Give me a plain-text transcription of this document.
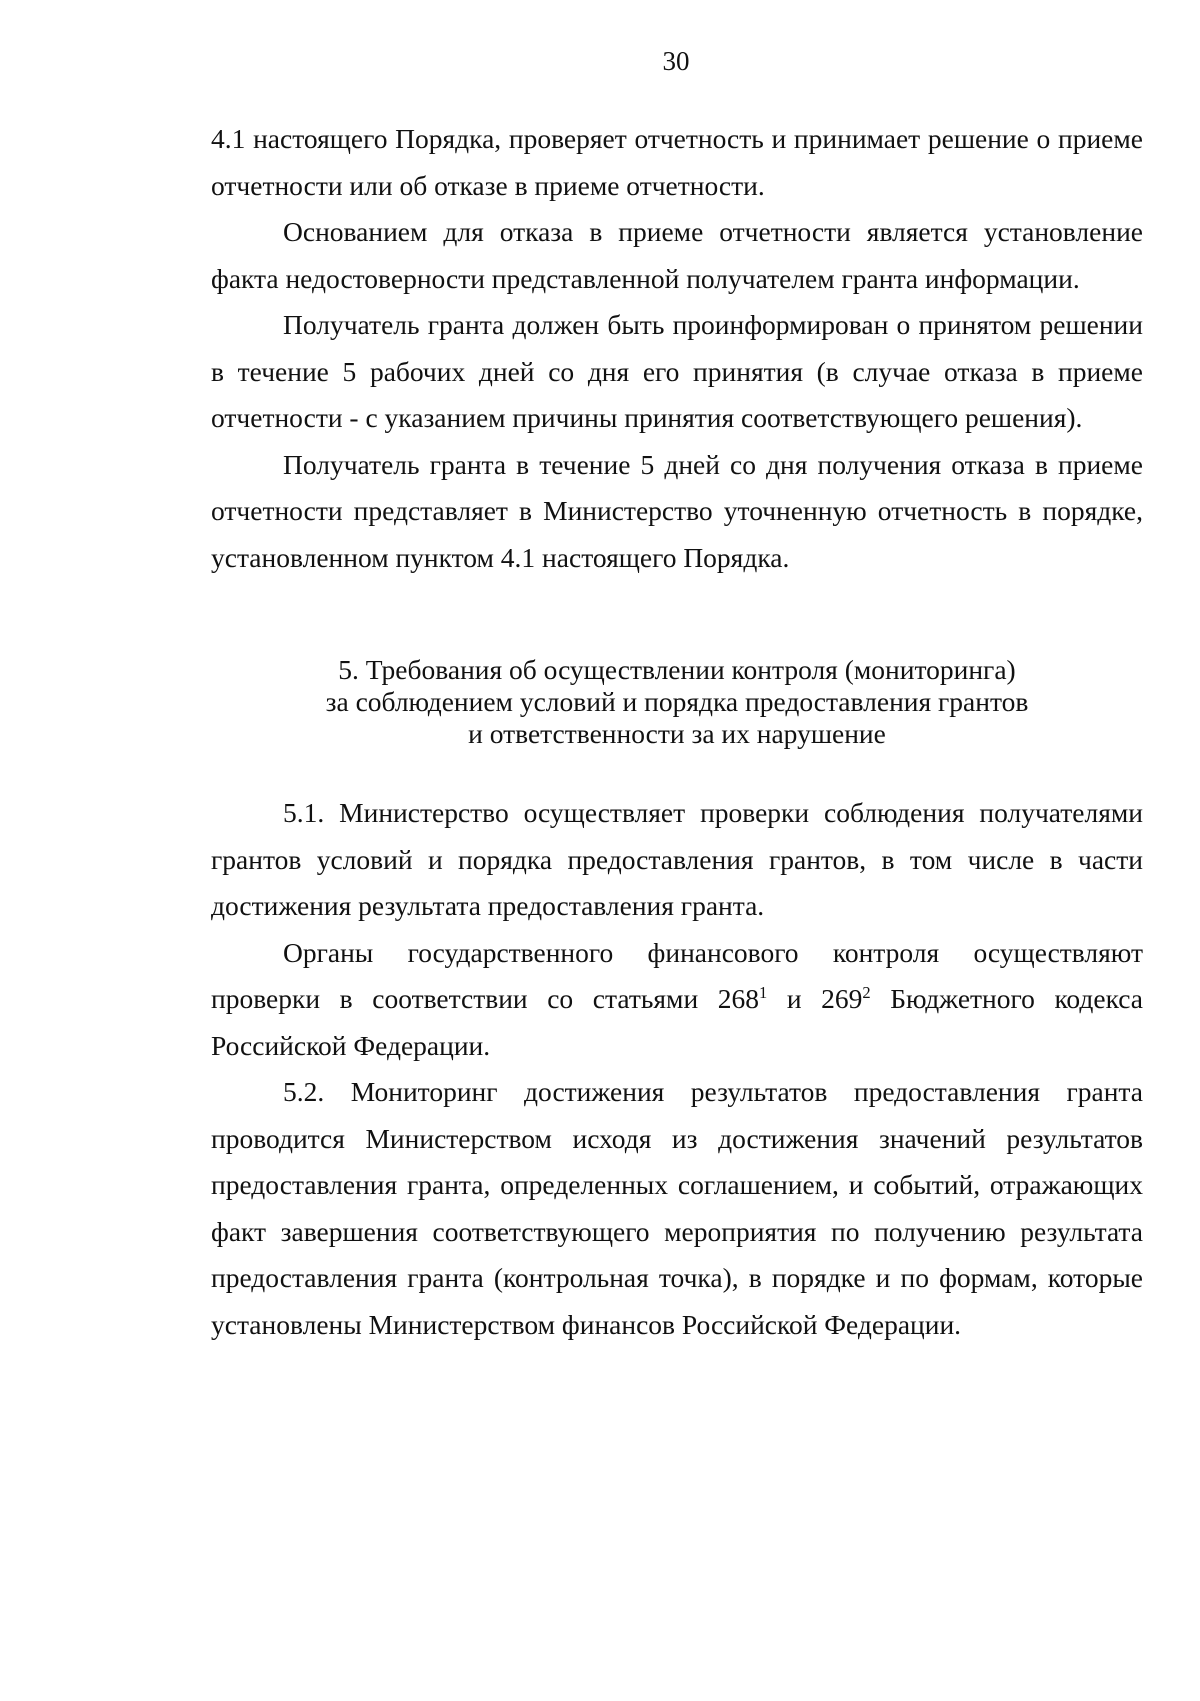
30

4.1 настоящего Порядка, проверяет отчетность и принимает решение о приеме отчетности или об отказе в приеме отчетности.

Основанием для отказа в приеме отчетности является установление факта недостоверности представленной получателем гранта информации.

Получатель гранта должен быть проинформирован о принятом решении в течение 5 рабочих дней со дня его принятия (в случае отказа в приеме отчетности - с указанием причины принятия соответствующего решения).

Получатель гранта в течение 5 дней со дня получения отказа в приеме отчетности представляет в Министерство уточненную отчетность в порядке, установленном пунктом 4.1 настоящего Порядка.

5. Требования об осуществлении контроля (мониторинга)
за соблюдением условий и порядка предоставления грантов
и ответственности за их нарушение

5.1. Министерство осуществляет проверки соблюдения получателями грантов условий и порядка предоставления грантов, в том числе в части достижения результата предоставления гранта.

Органы государственного финансового контроля осуществляют проверки в соответствии со статьями $268^1$ и $269^2$ Бюджетного кодекса Российской Федерации.

5.2. Мониторинг достижения результатов предоставления гранта проводится Министерством исходя из достижения значений результатов предоставления гранта, определенных соглашением, и событий, отражающих факт завершения соответствующего мероприятия по получению результата предоставления гранта (контрольная точка), в порядке и по формам, которые установлены Министерством финансов Российской Федерации.
